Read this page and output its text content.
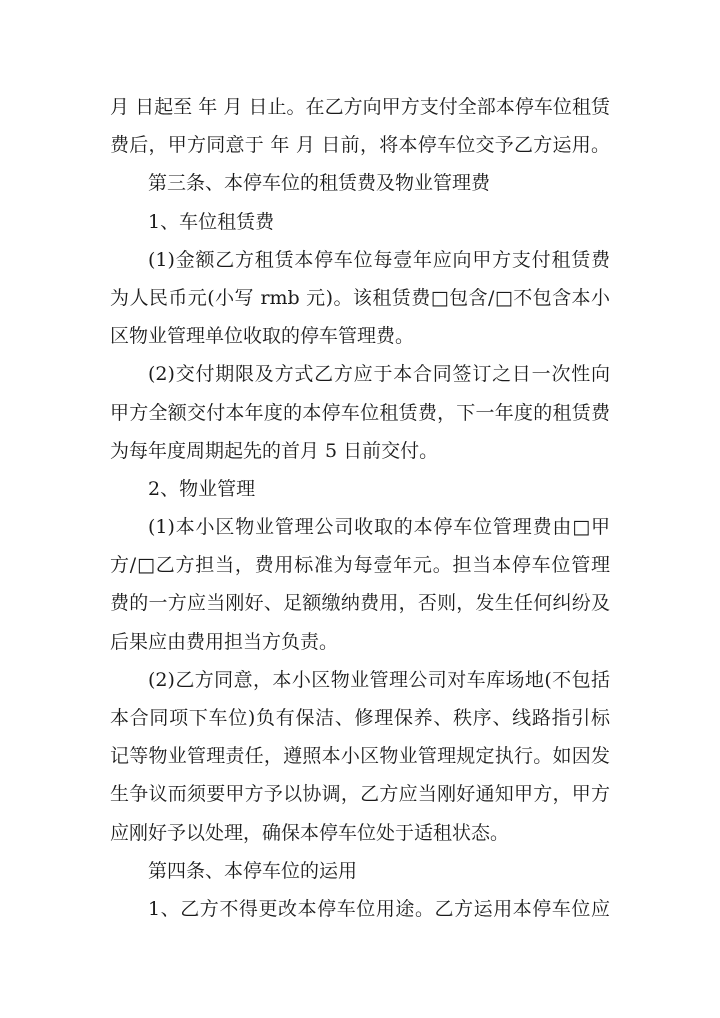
月 日起至 年 月 日止。在乙方向甲方支付全部本停车位租赁
费后，甲方同意于 年 月 日前，将本停车位交予乙方运用。
第三条、本停车位的租赁费及物业管理费
1、车位租赁费
(1)金额乙方租赁本停车位每壹年应向甲方支付租赁费
为人民币元(小写 rmb 元)。该租赁费□包含/□不包含本小
区物业管理单位收取的停车管理费。
(2)交付期限及方式乙方应于本合同签订之日一次性向
甲方全额交付本年度的本停车位租赁费，下一年度的租赁费
为每年度周期起先的首月 5 日前交付。
2、物业管理
(1)本小区物业管理公司收取的本停车位管理费由□甲
方/□乙方担当，费用标准为每壹年元。担当本停车位管理
费的一方应当刚好、足额缴纳费用，否则，发生任何纠纷及
后果应由费用担当方负责。
(2)乙方同意，本小区物业管理公司对车库场地(不包括
本合同项下车位)负有保洁、修理保养、秩序、线路指引标
记等物业管理责任，遵照本小区物业管理规定执行。如因发
生争议而须要甲方予以协调，乙方应当刚好通知甲方，甲方
应刚好予以处理，确保本停车位处于适租状态。
第四条、本停车位的运用
1、乙方不得更改本停车位用途。乙方运用本停车位应
